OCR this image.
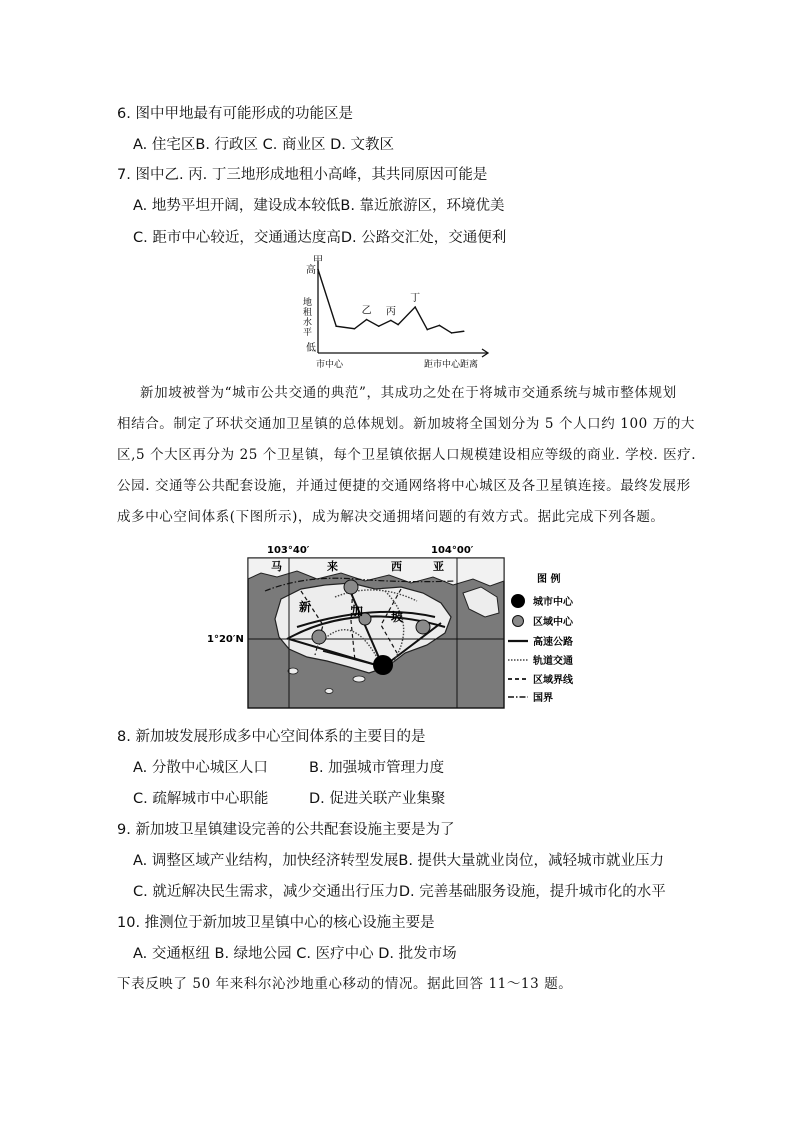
6. 图中甲地最有可能形成的功能区是
A. 住宅区B. 行政区 C. 商业区 D. 文教区
7. 图中乙. 丙. 丁三地形成地租小高峰，其共同原因可能是
A. 地势平坦开阔，建设成本较低B. 靠近旅游区，环境优美
C. 距市中心较近，交通通达度高D. 公路交汇处，交通便利
高
地租水平
低
市中心	距市中心距离
甲
乙 丙
丁
新加坡被誉为“城市公共交通的典范”，其成功之处在于将城市交通系统与城市整体规划
相结合。制定了环状交通加卫星镇的总体规划。新加坡将全国划分为 5 个人口约 100 万的大
区,5 个大区再分为 25 个卫星镇，每个卫星镇依据人口规模建设相应等级的商业. 学校. 医疗.
公园. 交通等公共配套设施，并通过便捷的交通网络将中心城区及各卫星镇连接。最终发展形
成多中心空间体系(下图所示)，成为解决交通拥堵问题的有效方式。据此完成下列各题。
103°40′	104°00′
1°20′N
马	来	西	亚
新	加 坡
图 例
城市中心
区域中心
高速公路
轨道交通
区域界线
国界
8. 新加坡发展形成多中心空间体系的主要目的是
A. 分散中心城区人口	B. 加强城市管理力度
C. 疏解城市中心职能	D. 促进关联产业集聚
9. 新加坡卫星镇建设完善的公共配套设施主要是为了
A. 调整区域产业结构，加快经济转型发展B. 提供大量就业岗位，减轻城市就业压力
C. 就近解决民生需求，减少交通出行压力D. 完善基础服务设施，提升城市化的水平
10. 推测位于新加坡卫星镇中心的核心设施主要是
A. 交通枢纽 B. 绿地公园 C. 医疗中心 D. 批发市场
下表反映了 50 年来科尔沁沙地重心移动的情况。据此回答 11～13 题。
